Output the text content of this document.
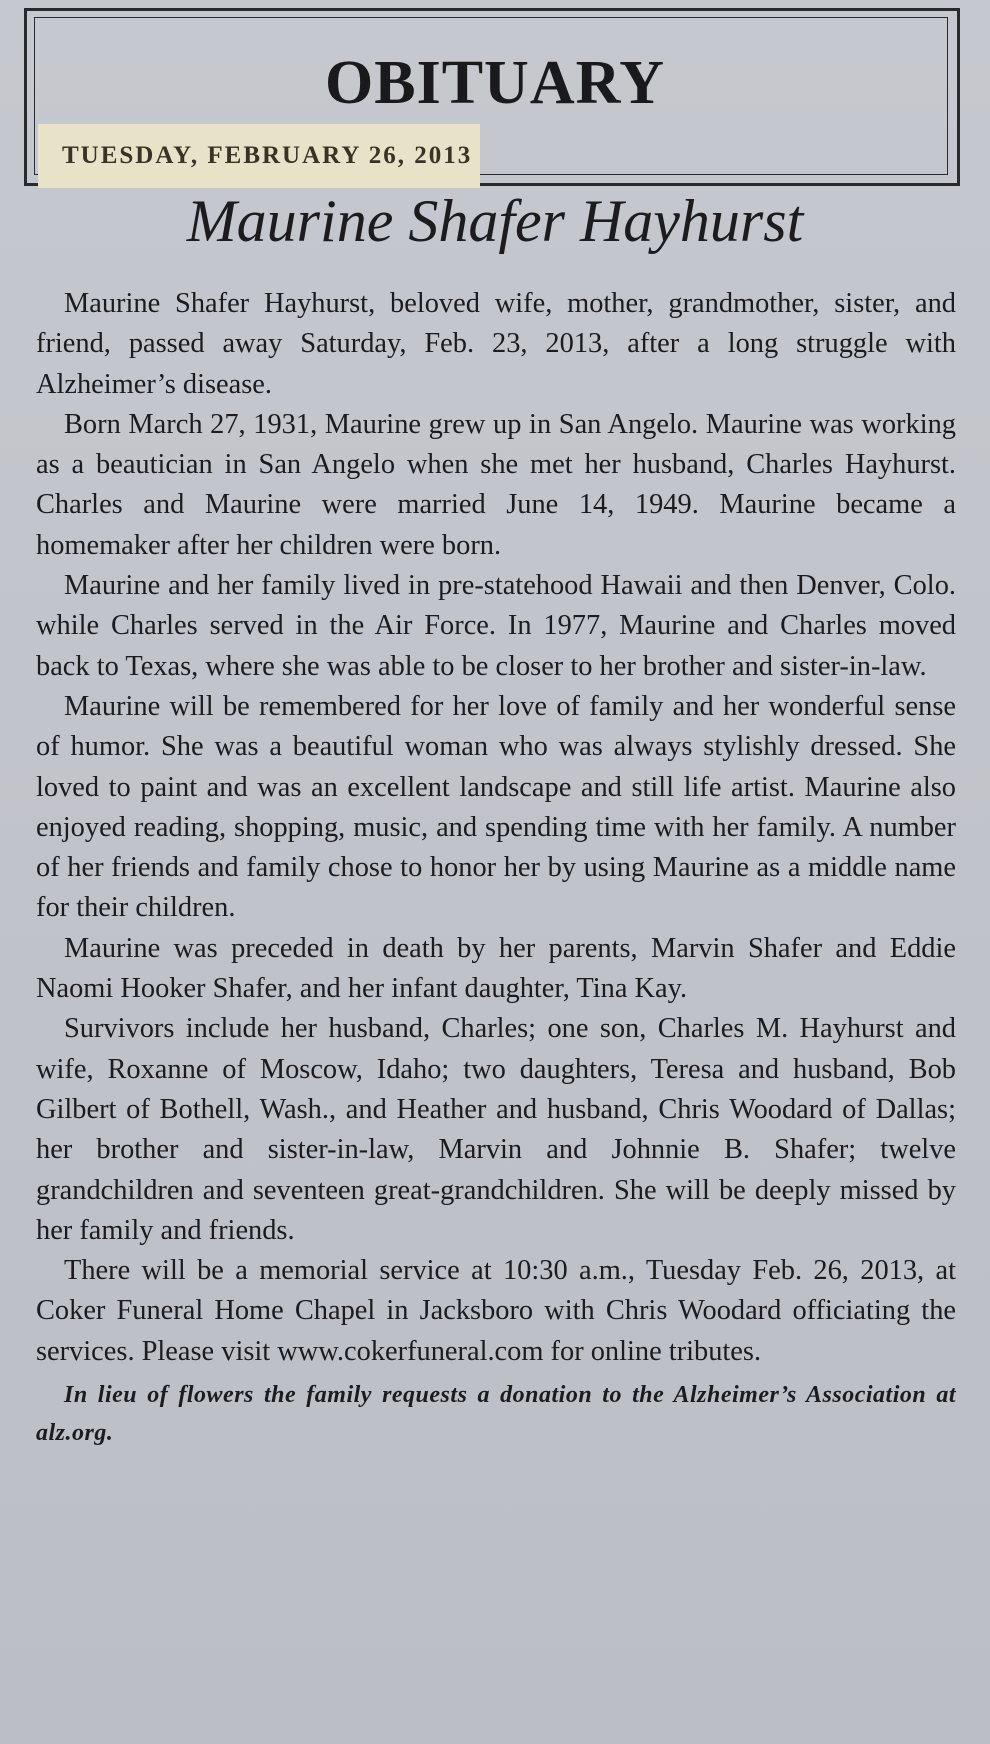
OBITUARY
TUESDAY, FEBRUARY 26, 2013
Maurine Shafer Hayhurst

Maurine Shafer Hayhurst, beloved wife, mother, grandmother, sister, and friend, passed away Saturday, Feb. 23, 2013, after a long struggle with Alzheimer’s disease.

Born March 27, 1931, Maurine grew up in San Angelo. Maurine was working as a beautician in San Angelo when she met her husband, Charles Hayhurst. Charles and Maurine were married June 14, 1949. Maurine became a homemaker after her children were born.

Maurine and her family lived in pre-statehood Hawaii and then Denver, Colo. while Charles served in the Air Force. In 1977, Maurine and Charles moved back to Texas, where she was able to be closer to her brother and sister-in-law.

Maurine will be remembered for her love of family and her wonderful sense of humor. She was a beautiful woman who was always stylishly dressed. She loved to paint and was an excellent landscape and still life artist. Maurine also enjoyed reading, shopping, music, and spending time with her family. A number of her friends and family chose to honor her by using Maurine as a middle name for their children.

Maurine was preceded in death by her parents, Marvin Shafer and Eddie Naomi Hooker Shafer, and her infant daughter, Tina Kay.

Survivors include her husband, Charles; one son, Charles M. Hayhurst and wife, Roxanne of Moscow, Idaho; two daughters, Teresa and husband, Bob Gilbert of Bothell, Wash., and Heather and husband, Chris Woodard of Dallas; her brother and sister-in-law, Marvin and Johnnie B. Shafer; twelve grandchildren and seventeen great-grandchildren. She will be deeply missed by her family and friends.

There will be a memorial service at 10:30 a.m., Tuesday Feb. 26, 2013, at Coker Funeral Home Chapel in Jacksboro with Chris Woodard officiating the services. Please visit www.cokerfuneral.com for online tributes.

In lieu of flowers the family requests a donation to the Alzheimer’s Association at alz.org.
